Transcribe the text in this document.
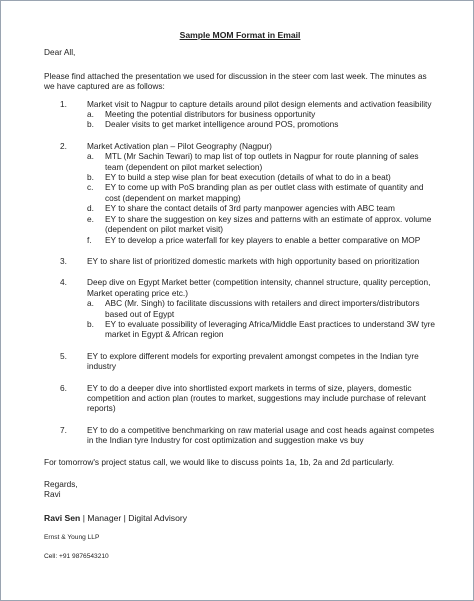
Sample MOM Format in Email
Dear All,
Please find attached the presentation we used for discussion in the steer com last week. The minutes as we have captured are as follows:
1. Market visit to Nagpur to capture details around pilot design elements and activation feasibility
a. Meeting the potential distributors for business opportunity
b. Dealer visits to get market intelligence around POS, promotions
2. Market Activation plan – Pilot Geography (Nagpur)
a. MTL (Mr Sachin Tewari) to map list of top outlets in Nagpur for route planning of sales team (dependent on pilot market selection)
b. EY to build a step wise plan for beat execution (details of what to do in a beat)
c. EY to come up with PoS branding plan as per outlet class with estimate of quantity and cost (dependent on market mapping)
d. EY to share the contact details of 3rd party manpower agencies with ABC team
e. EY to share the suggestion on key sizes and patterns with an estimate of approx. volume (dependent on pilot market visit)
f. EY to develop a price waterfall for key players to enable a better comparative on MOP
3. EY to share list of prioritized domestic markets with high opportunity based on prioritization
4. Deep dive on Egypt Market better (competition intensity, channel structure, quality perception, Market operating price etc.)
a. ABC (Mr. Singh) to facilitate discussions with retailers and direct importers/distributors based out of Egypt
b. EY to evaluate possibility of leveraging Africa/Middle East practices to understand 3W tyre market in Egypt & African region
5. EY to explore different models for exporting prevalent amongst competes in the Indian tyre industry
6. EY to do a deeper dive into shortlisted export markets in terms of size, players, domestic competition and action plan (routes to market, suggestions may include purchase of relevant reports)
7. EY to do a competitive benchmarking on raw material usage and cost heads against competes in the Indian tyre Industry for cost optimization and suggestion make vs buy
For tomorrow's project status call, we would like to discuss points 1a, 1b, 2a and 2d particularly.
Regards,
Ravi
Ravi Sen | Manager | Digital Advisory
Ernst & Young LLP
Cell: +91 9876543210
